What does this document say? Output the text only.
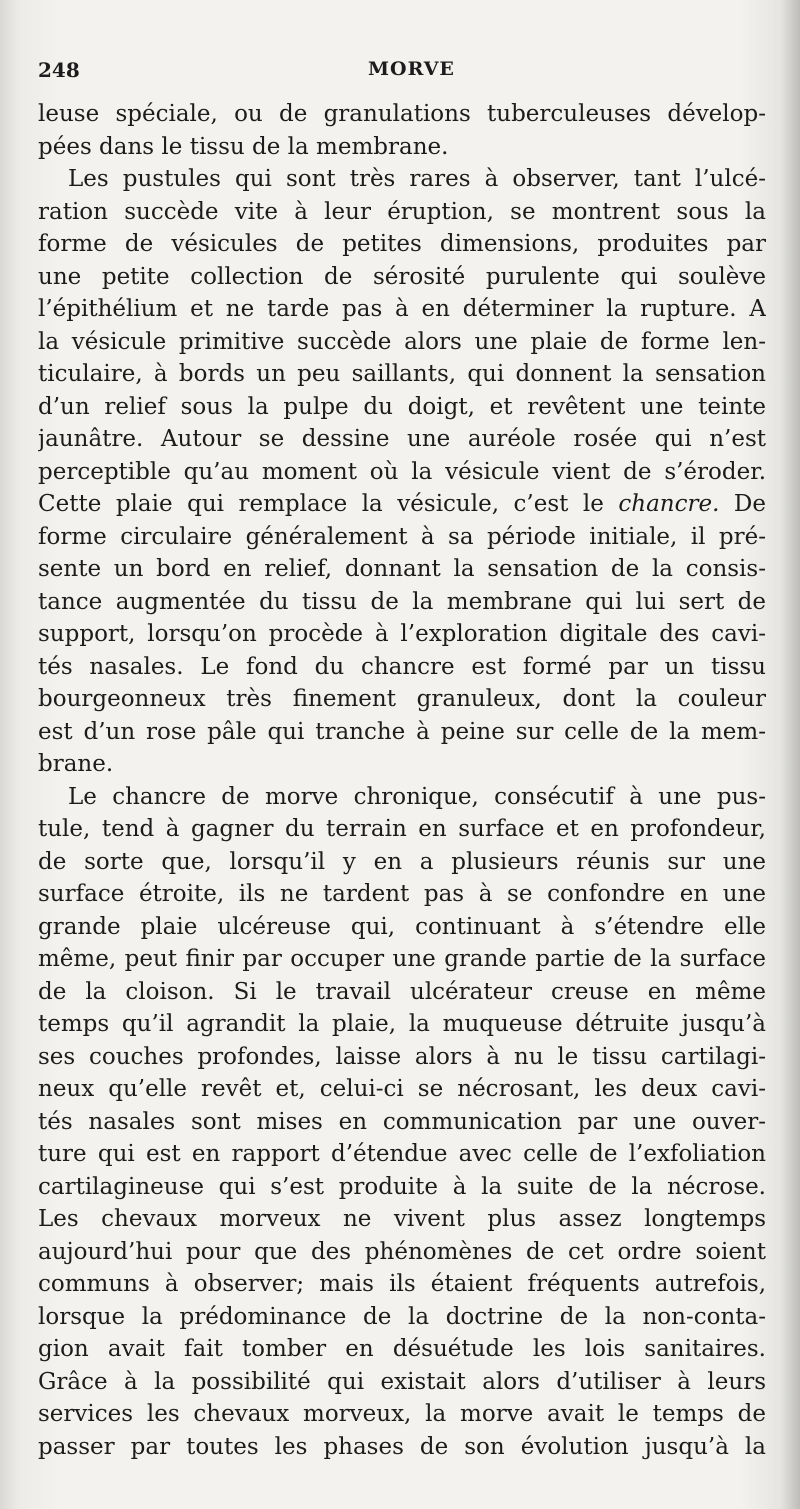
248	MORVE
leuse spéciale, ou de granulations tuberculeuses dévelop-
pées dans le tissu de la membrane.
Les pustules qui sont très rares à observer, tant l’ulcé-
ration succède vite à leur éruption, se montrent sous la
forme de vésicules de petites dimensions, produites par
une petite collection de sérosité purulente qui soulève
l’épithélium et ne tarde pas à en déterminer la rupture. A
la vésicule primitive succède alors une plaie de forme len-
ticulaire, à bords un peu saillants, qui donnent la sensation
d’un relief sous la pulpe du doigt, et revêtent une teinte
jaunâtre. Autour se dessine une auréole rosée qui n’est
perceptible qu’au moment où la vésicule vient de s’éroder.
Cette plaie qui remplace la vésicule, c’est le chancre. De
forme circulaire généralement à sa période initiale, il pré-
sente un bord en relief, donnant la sensation de la consis-
tance augmentée du tissu de la membrane qui lui sert de
support, lorsqu’on procède à l’exploration digitale des cavi-
tés nasales. Le fond du chancre est formé par un tissu
bourgeonneux très finement granuleux, dont la couleur
est d’un rose pâle qui tranche à peine sur celle de la mem-
brane.
Le chancre de morve chronique, consécutif à une pus-
tule, tend à gagner du terrain en surface et en profondeur,
de sorte que, lorsqu’il y en a plusieurs réunis sur une
surface étroite, ils ne tardent pas à se confondre en une
grande plaie ulcéreuse qui, continuant à s’étendre elle
même, peut finir par occuper une grande partie de la surface
de la cloison. Si le travail ulcérateur creuse en même
temps qu’il agrandit la plaie, la muqueuse détruite jusqu’à
ses couches profondes, laisse alors à nu le tissu cartilagi-
neux qu’elle revêt et, celui-ci se nécrosant, les deux cavi-
tés nasales sont mises en communication par une ouver-
ture qui est en rapport d’étendue avec celle de l’exfoliation
cartilagineuse qui s’est produite à la suite de la nécrose.
Les chevaux morveux ne vivent plus assez longtemps
aujourd’hui pour que des phénomènes de cet ordre soient
communs à observer; mais ils étaient fréquents autrefois,
lorsque la prédominance de la doctrine de la non-conta-
gion avait fait tomber en désuétude les lois sanitaires.
Grâce à la possibilité qui existait alors d’utiliser à leurs
services les chevaux morveux, la morve avait le temps de
passer par toutes les phases de son évolution jusqu’à la
